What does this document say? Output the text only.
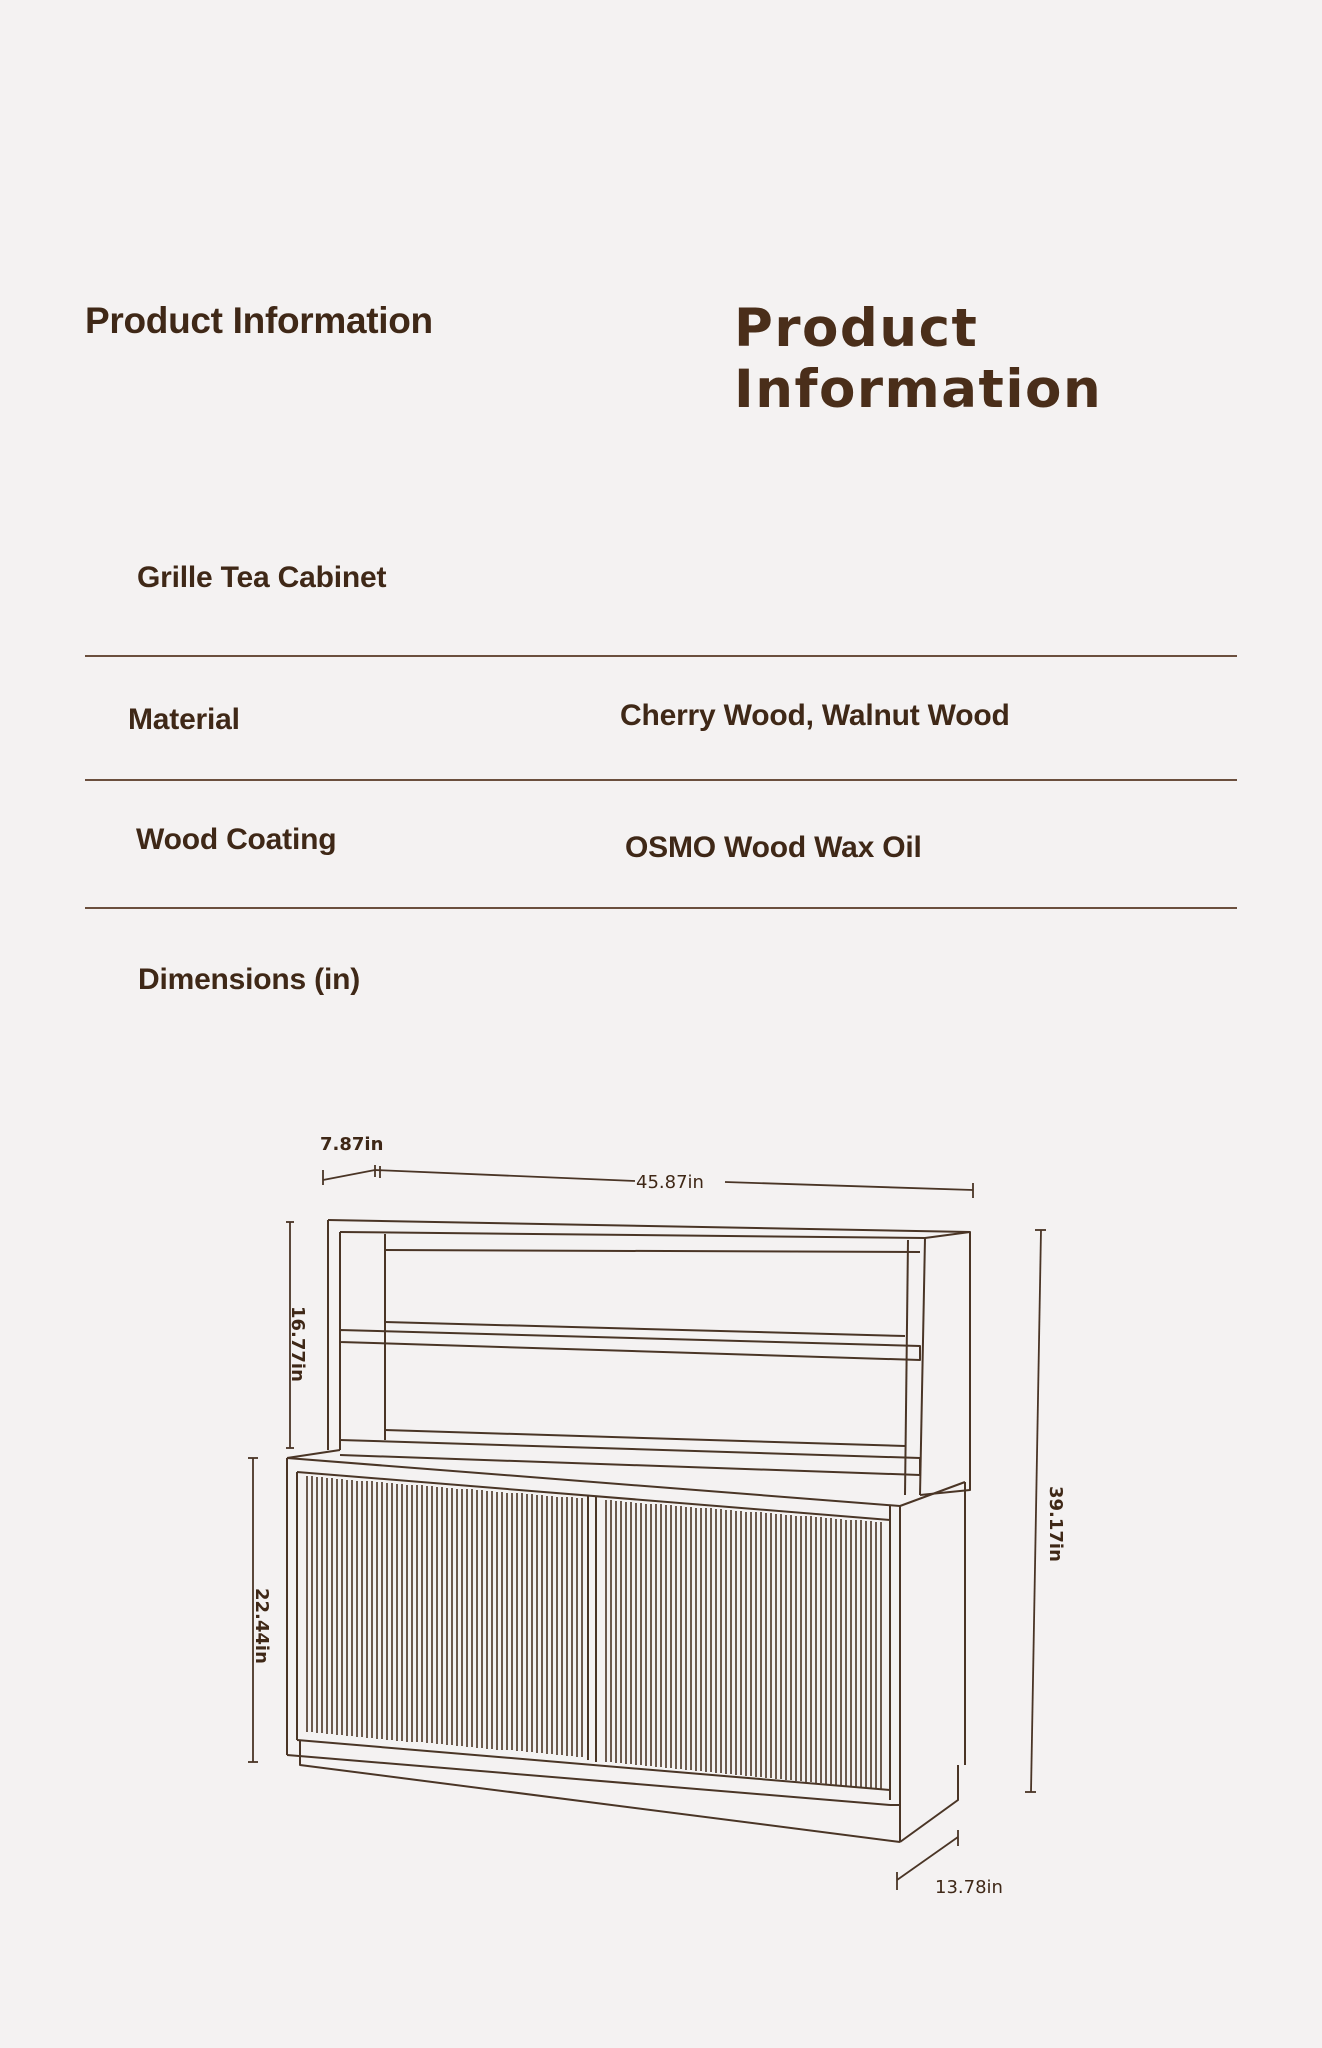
Product Information	Product Information
Grille Tea Cabinet
Material	Cherry Wood, Walnut Wood
Wood Coating	OSMO Wood Wax Oil
Dimensions (in)
7.87in
45.87in
16.77in
22.44in
39.17in
13.78in
